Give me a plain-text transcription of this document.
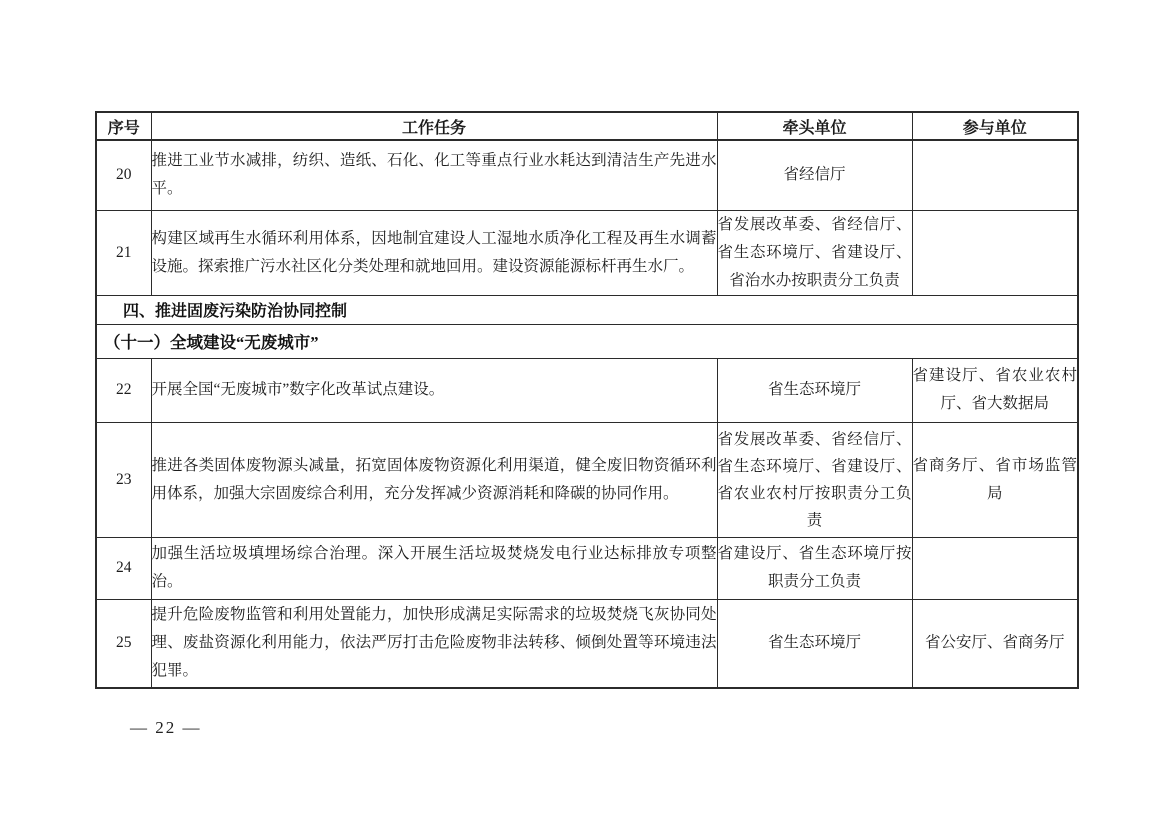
序号	工作任务	牵头单位	参与单位
20	推进工业节水减排，纺织、造纸、石化、化工等重点行业水耗达到清洁生产先进水平。	省经信厅	
21	构建区域再生水循环利用体系，因地制宜建设人工湿地水质净化工程及再生水调蓄设施。探索推广污水社区化分类处理和就地回用。建设资源能源标杆再生水厂。	省发展改革委、省经信厅、省生态环境厅、省建设厅、省治水办按职责分工负责	
四、推进固废污染防治协同控制			
（十一）全域建设“无废城市”			
22	开展全国“无废城市”数字化改革试点建设。	省生态环境厅	省建设厅、省农业农村厅、省大数据局
23	推进各类固体废物源头减量，拓宽固体废物资源化利用渠道，健全废旧物资循环利用体系，加强大宗固废综合利用，充分发挥减少资源消耗和降碳的协同作用。	省发展改革委、省经信厅、省生态环境厅、省建设厅、省农业农村厅按职责分工负责	省商务厅、省市场监管局
24	加强生活垃圾填埋场综合治理。深入开展生活垃圾焚烧发电行业达标排放专项整治。	省建设厅、省生态环境厅按职责分工负责	
25	提升危险废物监管和利用处置能力，加快形成满足实际需求的垃圾焚烧飞灰协同处理、废盐资源化利用能力，依法严厉打击危险废物非法转移、倾倒处置等环境违法犯罪。	省生态环境厅	省公安厅、省商务厅
— 22 —
